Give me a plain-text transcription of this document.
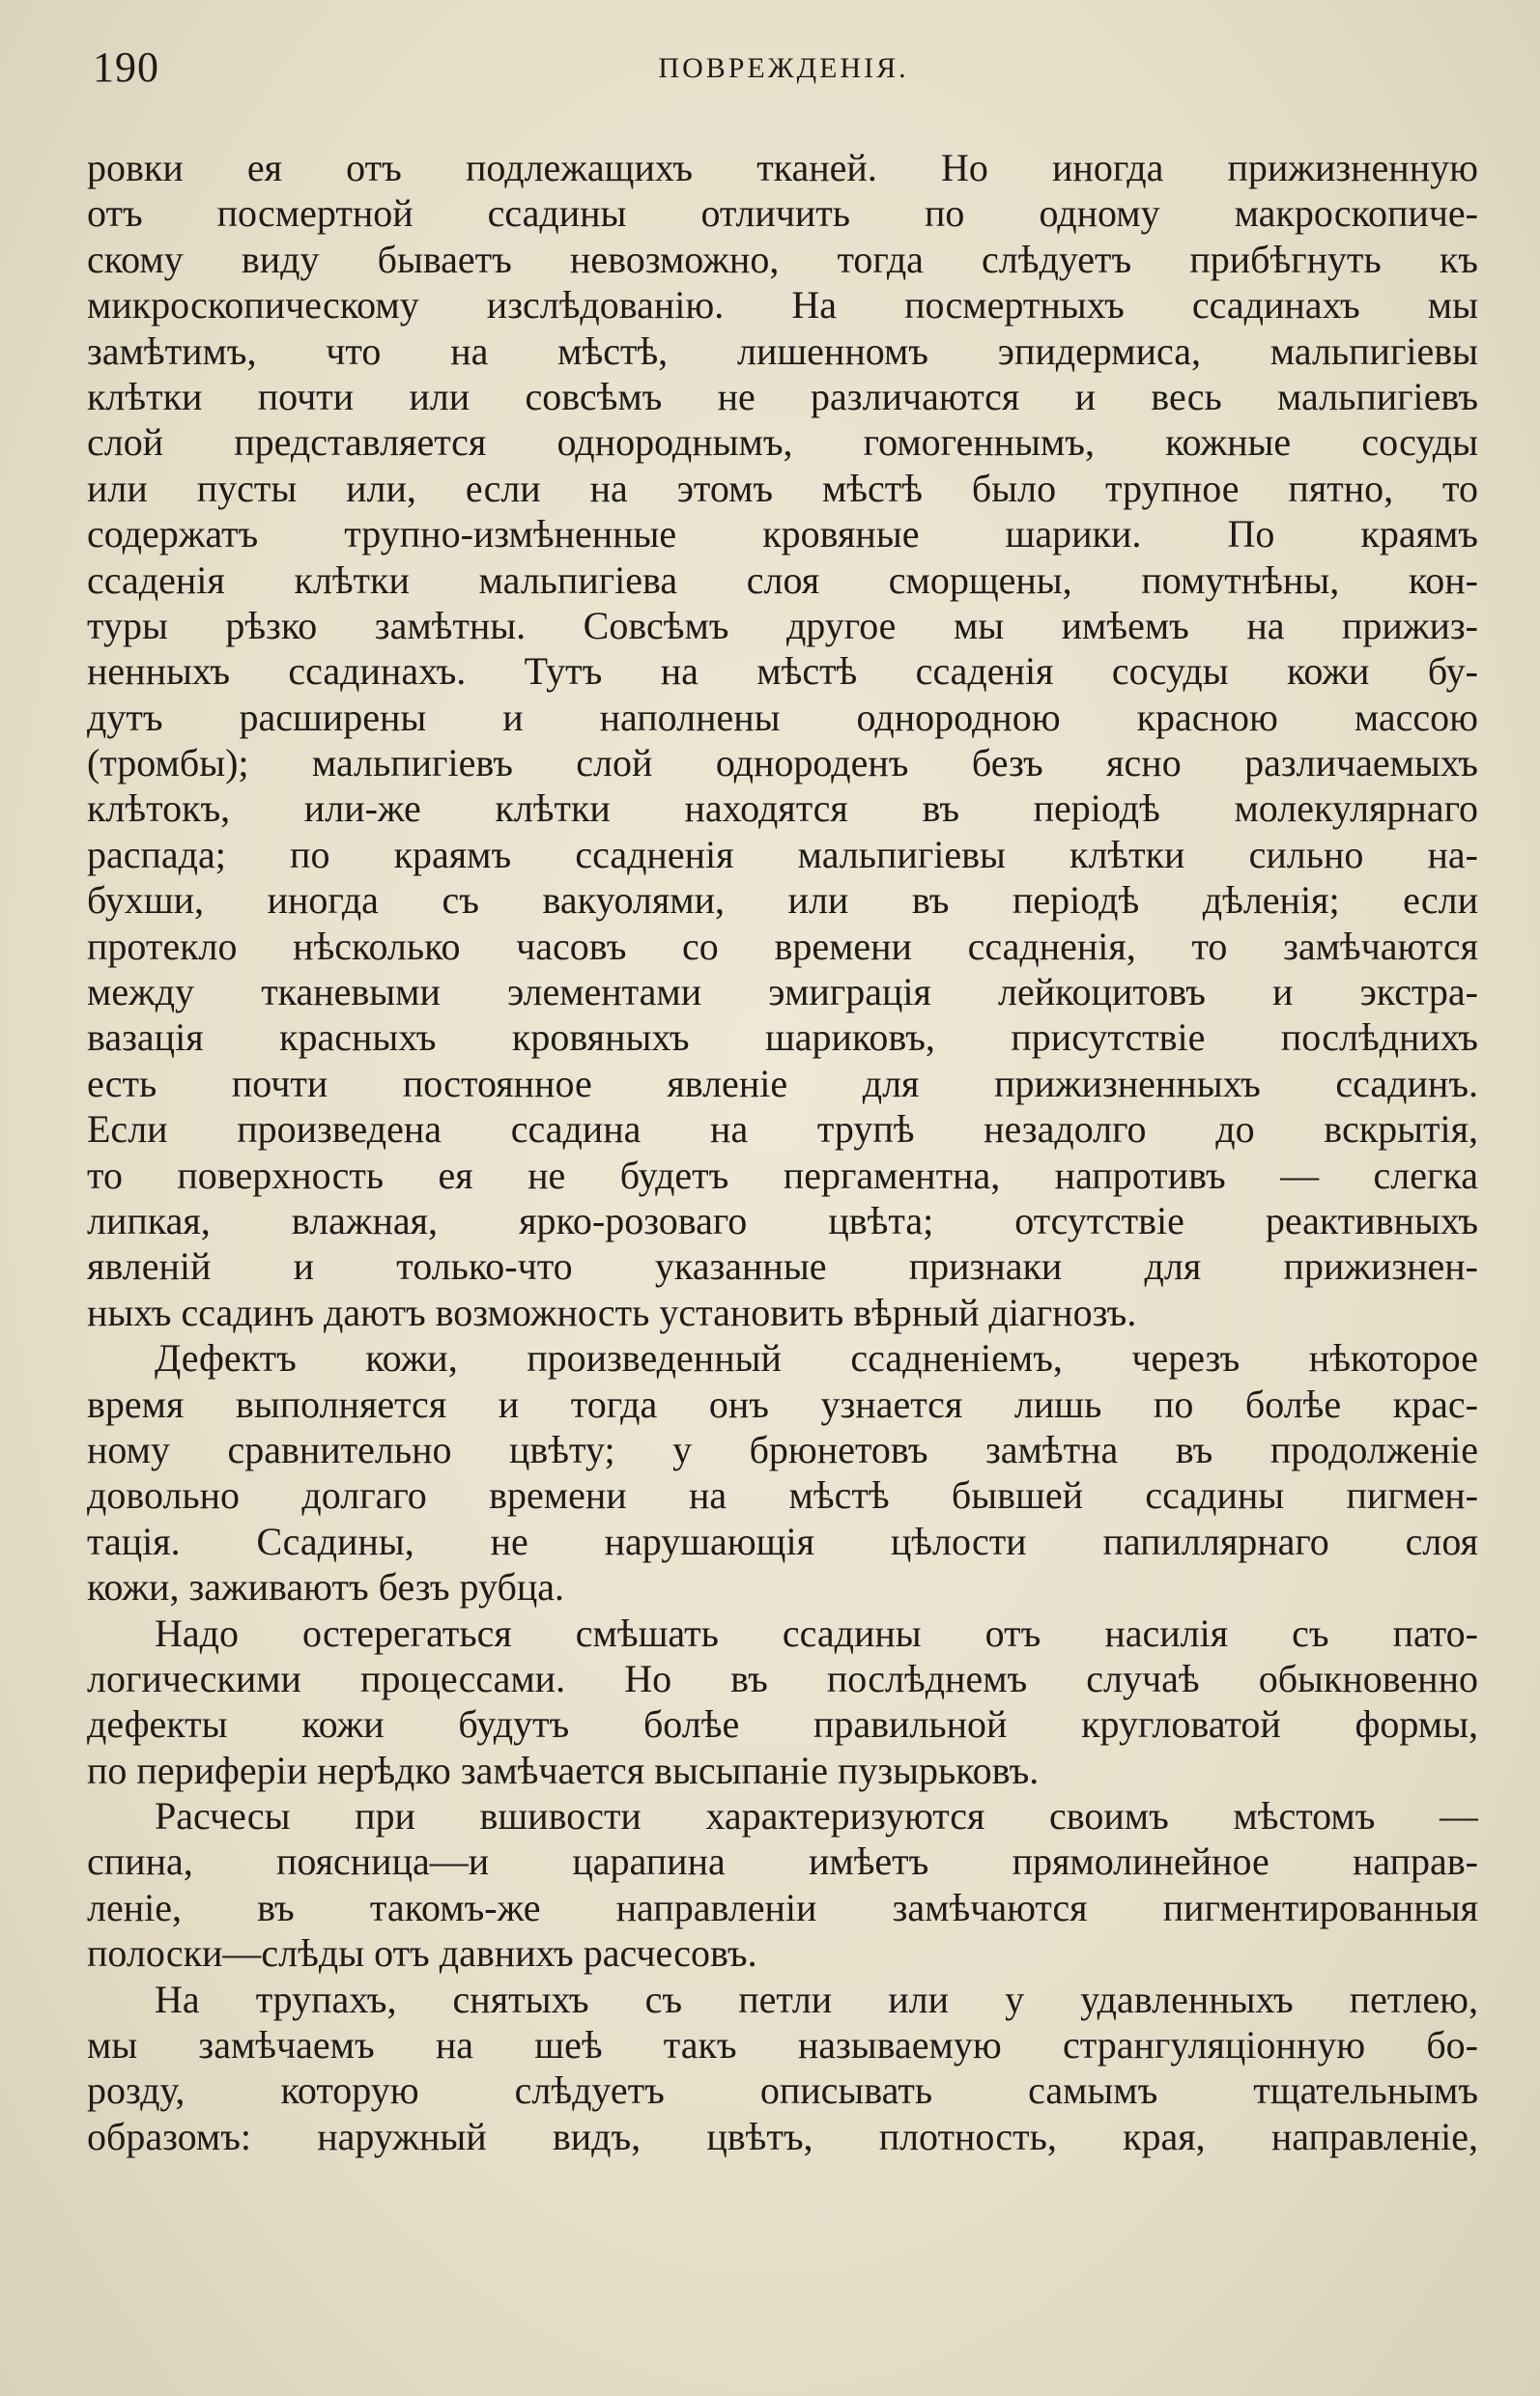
190	ПОВРЕЖДЕНІЯ.
ровки ея отъ подлежащихъ тканей. Но иногда прижизненную
отъ посмертной ссадины отличить по одному макроскопиче-
скому виду бываетъ невозможно, тогда слѣдуетъ прибѣгнуть къ
микроскопическому изслѣдованію. На посмертныхъ ссадинахъ мы
замѣтимъ, что на мѣстѣ, лишенномъ эпидермиса, мальпигіевы
клѣтки почти или совсѣмъ не различаются и весь мальпигіевъ
слой представляется однороднымъ, гомогеннымъ, кожные сосуды
или пусты или, если на этомъ мѣстѣ было трупное пятно, то
содержатъ трупно-измѣненные кровяные шарики. По краямъ
ссаденія клѣтки мальпигіева слоя сморщены, помутнѣны, кон-
туры рѣзко замѣтны. Совсѣмъ другое мы имѣемъ на прижиз-
ненныхъ ссадинахъ. Тутъ на мѣстѣ ссаденія сосуды кожи бу-
дутъ расширены и наполнены однородною красною массою
(тромбы); мальпигіевъ слой однороденъ безъ ясно различаемыхъ
клѣтокъ, или-же клѣтки находятся въ періодѣ молекулярнаго
распада; по краямъ ссадненія мальпигіевы клѣтки сильно на-
бухши, иногда съ вакуолями, или въ періодѣ дѣленія; если
протекло нѣсколько часовъ со времени ссадненія, то замѣчаются
между тканевыми элементами эмиграція лейкоцитовъ и экстра-
вазація красныхъ кровяныхъ шариковъ, присутствіе послѣднихъ
есть почти постоянное явленіе для прижизненныхъ ссадинъ.
Если произведена ссадина на трупѣ незадолго до вскрытія,
то поверхность ея не будетъ пергаментна, напротивъ — слегка
липкая, влажная, ярко-розоваго цвѣта; отсутствіе реактивныхъ
явленій и только-что указанные признаки для прижизнен-
ныхъ ссадинъ даютъ возможность установить вѣрный діагнозъ.
Дефектъ кожи, произведенный ссадненіемъ, черезъ нѣкоторое
время выполняется и тогда онъ узнается лишь по болѣе крас-
ному сравнительно цвѣту; у брюнетовъ замѣтна въ продолженіе
довольно долгаго времени на мѣстѣ бывшей ссадины пигмен-
тація. Ссадины, не нарушающія цѣлости папиллярнаго слоя
кожи, заживаютъ безъ рубца.
Надо остерегаться смѣшать ссадины отъ насилія съ пато-
логическими процессами. Но въ послѣднемъ случаѣ обыкновенно
дефекты кожи будутъ болѣе правильной кругловатой формы,
по периферіи нерѣдко замѣчается высыпаніе пузырьковъ.
Расчесы при вшивости характеризуются своимъ мѣстомъ —
спина, поясница—и царапина имѣетъ прямолинейное направ-
леніе, въ такомъ-же направленіи замѣчаются пигментированныя
полоски—слѣды отъ давнихъ расчесовъ.
На трупахъ, снятыхъ съ петли или у удавленныхъ петлею,
мы замѣчаемъ на шеѣ такъ называемую странгуляціонную бо-
розду, которую слѣдуетъ описывать самымъ тщательнымъ
образомъ: наружный видъ, цвѣтъ, плотность, края, направленіе,
